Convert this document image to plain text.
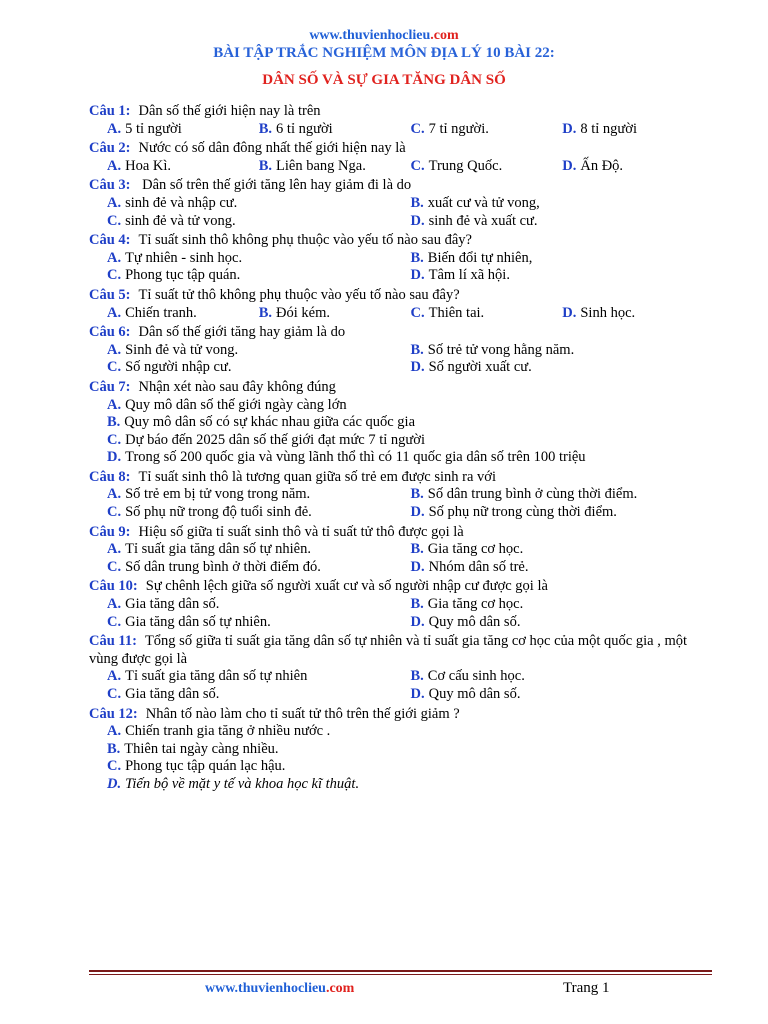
www.thuvienhoclieu.com
BÀI TẬP TRẮC NGHIỆM MÔN ĐỊA LÝ 10 BÀI 22:
DÂN SỐ VÀ SỰ GIA TĂNG DÂN SỐ
Câu 1: Dân số thế giới hiện nay là trên
A. 5 tỉ người	B. 6 tỉ người	C. 7 tỉ người.	D. 8 tỉ người
Câu 2: Nước có số dân đông nhất thế giới hiện nay là
A. Hoa Kì.	B. Liên bang Nga.	C. Trung Quốc.	D. Ấn Độ.
Câu 3: Dân số trên thế giới tăng lên hay giảm đi là do
A. sinh đẻ và nhập cư.	B. xuất cư và tử vong,
C. sinh đẻ và tử vong.	D. sinh đẻ và xuất cư.
Câu 4: Tỉ suất sinh thô không phụ thuộc vào yếu tố nào sau đây?
A. Tự nhiên - sinh học.	B. Biến đổi tự nhiên,
C. Phong tục tập quán.	D. Tâm lí xã hội.
Câu 5: Tỉ suất tử thô không phụ thuộc vào yếu tố nào sau đây?
A. Chiến tranh.	B. Đói kém.	C. Thiên tai.	D. Sinh học.
Câu 6: Dân số thế giới tăng hay giảm là do
A. Sinh đẻ và tử vong.	B. Số trẻ tử vong hằng năm.
C. Số người nhập cư.	D. Số người xuất cư.
Câu 7: Nhận xét nào sau đây không đúng
A. Quy mô dân số thế giới ngày càng lớn
B. Quy mô dân số có sự khác nhau giữa các quốc gia
C. Dự báo đến 2025 dân số thế giới đạt mức 7 tỉ người
D. Trong số 200 quốc gia và vùng lãnh thổ thì có 11 quốc gia dân số trên 100 triệu
Câu 8: Tỉ suất sinh thô là tương quan giữa số trẻ em được sinh ra với
A. Số trẻ em bị tử vong trong năm.	B. Số dân trung bình ở cùng thời điểm.
C. Số phụ nữ trong độ tuổi sinh đẻ.	D. Số phụ nữ trong cùng thời điểm.
Câu 9: Hiệu số giữa tỉ suất sinh thô và tỉ suất tử thô được gọi là
A. Tỉ suất gia tăng dân số tự nhiên.	B. Gia tăng cơ học.
C. Số dân trung bình ở thời điểm đó.	D. Nhóm dân số trẻ.
Câu 10: Sự chênh lệch giữa số người xuất cư và số người nhập cư được gọi là
A. Gia tăng dân số.	B. Gia tăng cơ học.
C. Gia tăng dân số tự nhiên.	D. Quy mô dân số.
Câu 11: Tổng số giữa tỉ suất gia tăng dân số tự nhiên và tỉ suất gia tăng cơ học của một quốc gia , một vùng được gọi là
A. Tỉ suất gia tăng dân số tự nhiên	B. Cơ cấu sinh học.
C. Gia tăng dân số.	D. Quy mô dân số.
Câu 12: Nhân tố nào làm cho tỉ suất tử thô trên thế giới giảm ?
A. Chiến tranh gia tăng ở nhiều nước .
B. Thiên tai ngày càng nhiều.
C. Phong tục tập quán lạc hậu.
D. Tiến bộ về mặt y tế và khoa học kĩ thuật.
www.thuvienhoclieu.com	Trang 1
